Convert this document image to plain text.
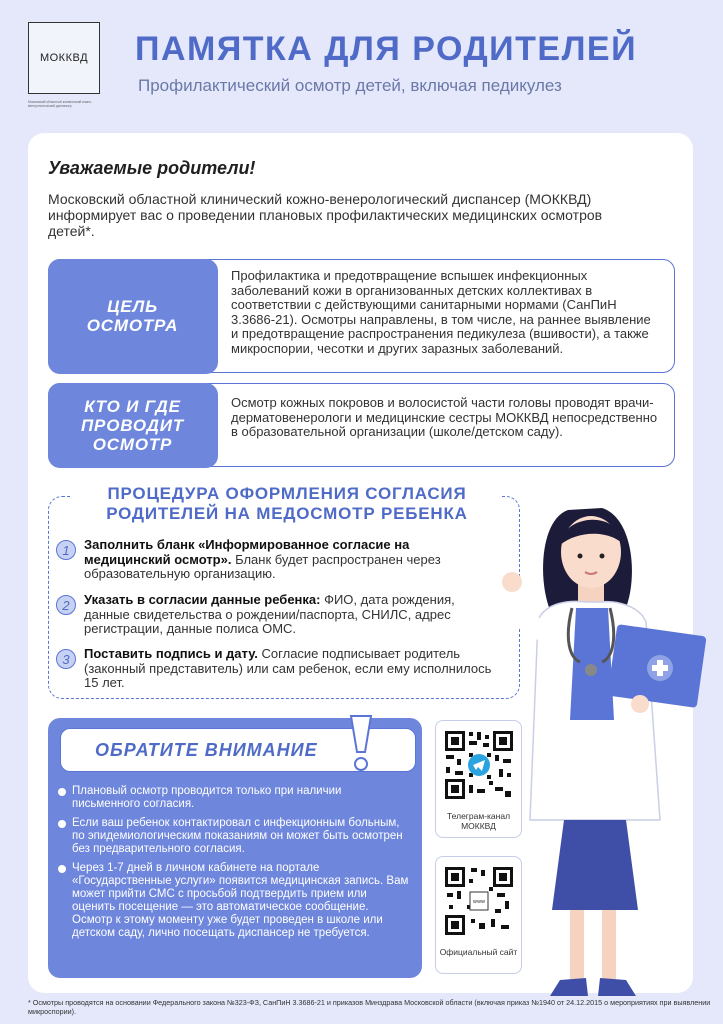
МОККВД
Московский областной клинический кожно-венерологический диспансер
ПАМЯТКА ДЛЯ РОДИТЕЛЕЙ
Профилактический осмотр детей, включая педикулез
Уважаемые родители!
Московский областной клинический кожно-венерологический диспансер (МОККВД) информирует вас о проведении плановых профилактических медицинских осмотров детей*.
ЦЕЛЬ ОСМОТРА
Профилактика и предотвращение вспышек инфекционных заболеваний кожи в организованных детских коллективах в соответствии с действующими санитарными нормами (СанПиН 3.3686-21). Осмотры направлены, в том числе, на раннее выявление и предотвращение распространения педикулеза (вшивости), а также микроспории, чесотки и других заразных заболеваний.
КТО И ГДЕ ПРОВОДИТ ОСМОТР
Осмотр кожных покровов и волосистой части головы проводят врачи-дерматовенерологи и медицинские сестры МОККВД непосредственно в образовательной организации (школе/детском саду).
ПРОЦЕДУРА ОФОРМЛЕНИЯ СОГЛАСИЯ РОДИТЕЛЕЙ НА МЕДОСМОТР РЕБЕНКА
1	Заполнить бланк «Информированное согласие на медицинский осмотр». Бланк будет распространен через образовательную организацию.
2	Указать в согласии данные ребенка: ФИО, дата рождения, данные свидетельства о рождении/паспорта, СНИЛС, адрес регистрации, данные полиса ОМС.
3	Поставить подпись и дату. Согласие подписывает родитель (законный представитель) или сам ребенок, если ему исполнилось 15 лет.
ОБРАТИТЕ ВНИМАНИЕ
Плановый осмотр проводится только при наличии письменного согласия.
Если ваш ребенок контактировал с инфекционным больным, по эпидемиологическим показаниям он может быть осмотрен без предварительного согласия.
Через 1-7 дней в личном кабинете на портале «Государственные услуги» появится медицинская запись. Вам может прийти СМС с просьбой подтвердить прием или оценить посещение — это автоматическое сообщение. Осмотр к этому моменту уже будет проведен в школе или детском саду, лично посещать диспансер не требуется.
Телеграм-канал МОККВД
www
Официальный сайт
* Осмотры проводятся на основании Федерального закона №323-ФЗ, СанПиН 3.3686-21 и приказов Минздрава Московской области (включая приказ №1940 от 24.12.2015 о мероприятиях при выявлении микроспории).
